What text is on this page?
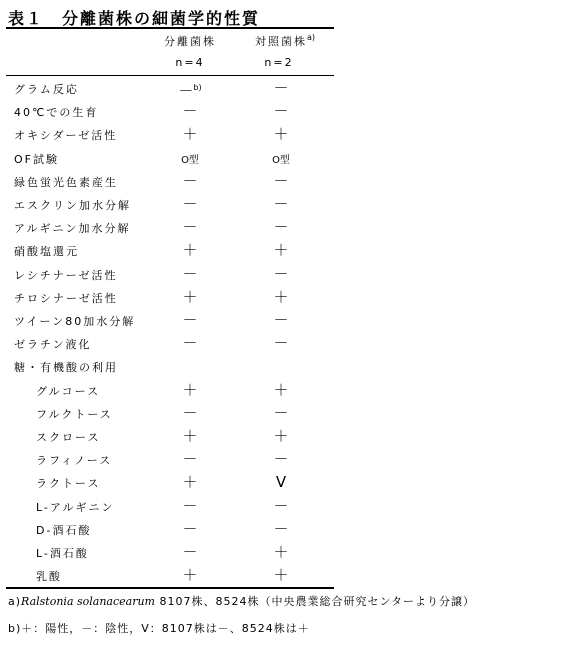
表１　分離菌株の細菌学的性質
分離菌株	対照菌株$^{a)}$
n=4	n=2
グラム反応	－$^{b)}$	－
40℃での生育	－	－
オキシダーゼ活性	＋	＋
OF試験	O型	O型
緑色蛍光色素産生	－	－
エスクリン加水分解	－	－
アルギニン加水分解	－	－
硝酸塩還元	＋	＋
レシチナーゼ活性	－	－
チロシナーゼ活性	＋	＋
ツイーン80加水分解	－	－
ゼラチン液化	－	－
糖・有機酸の利用
グルコース	＋	＋
フルクトース	－	－
スクロース	＋	＋
ラフィノース	－	－
ラクトース	＋	V
L-アルギニン	－	－
D-酒石酸	－	－
L-酒石酸	－	＋
乳酸	＋	＋
a)Ralstonia solanacearum 8107株、8524株（中央農業総合研究センターより分譲）
b)＋：陽性，－：陰性，V：8107株は－、8524株は＋
